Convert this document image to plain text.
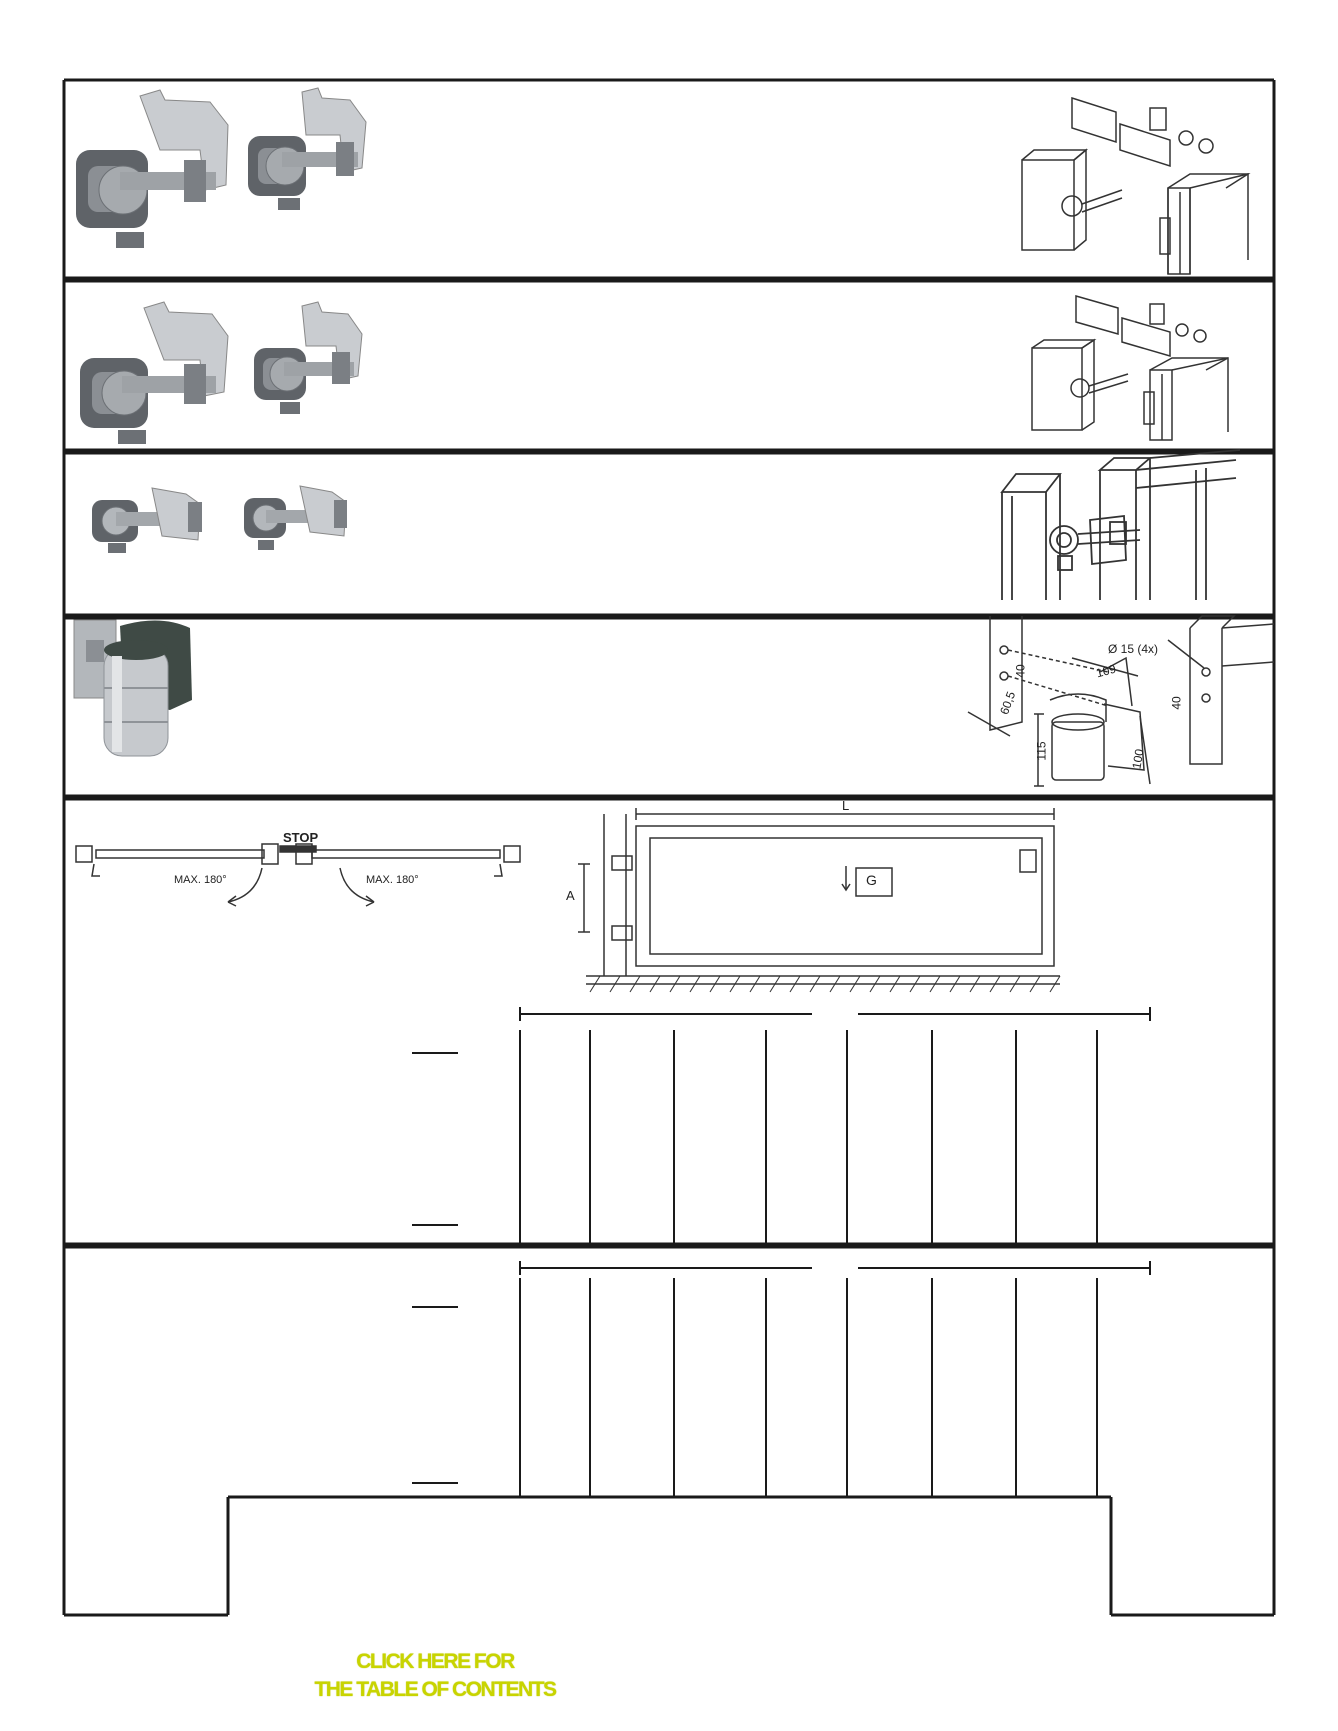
STOP
MAX. 180°	MAX. 180°
L
A
G
Ø 15 (4x)
109
40
40
60,5
115	100
CLICK HERE FOR
THE TABLE OF CONTENTS
